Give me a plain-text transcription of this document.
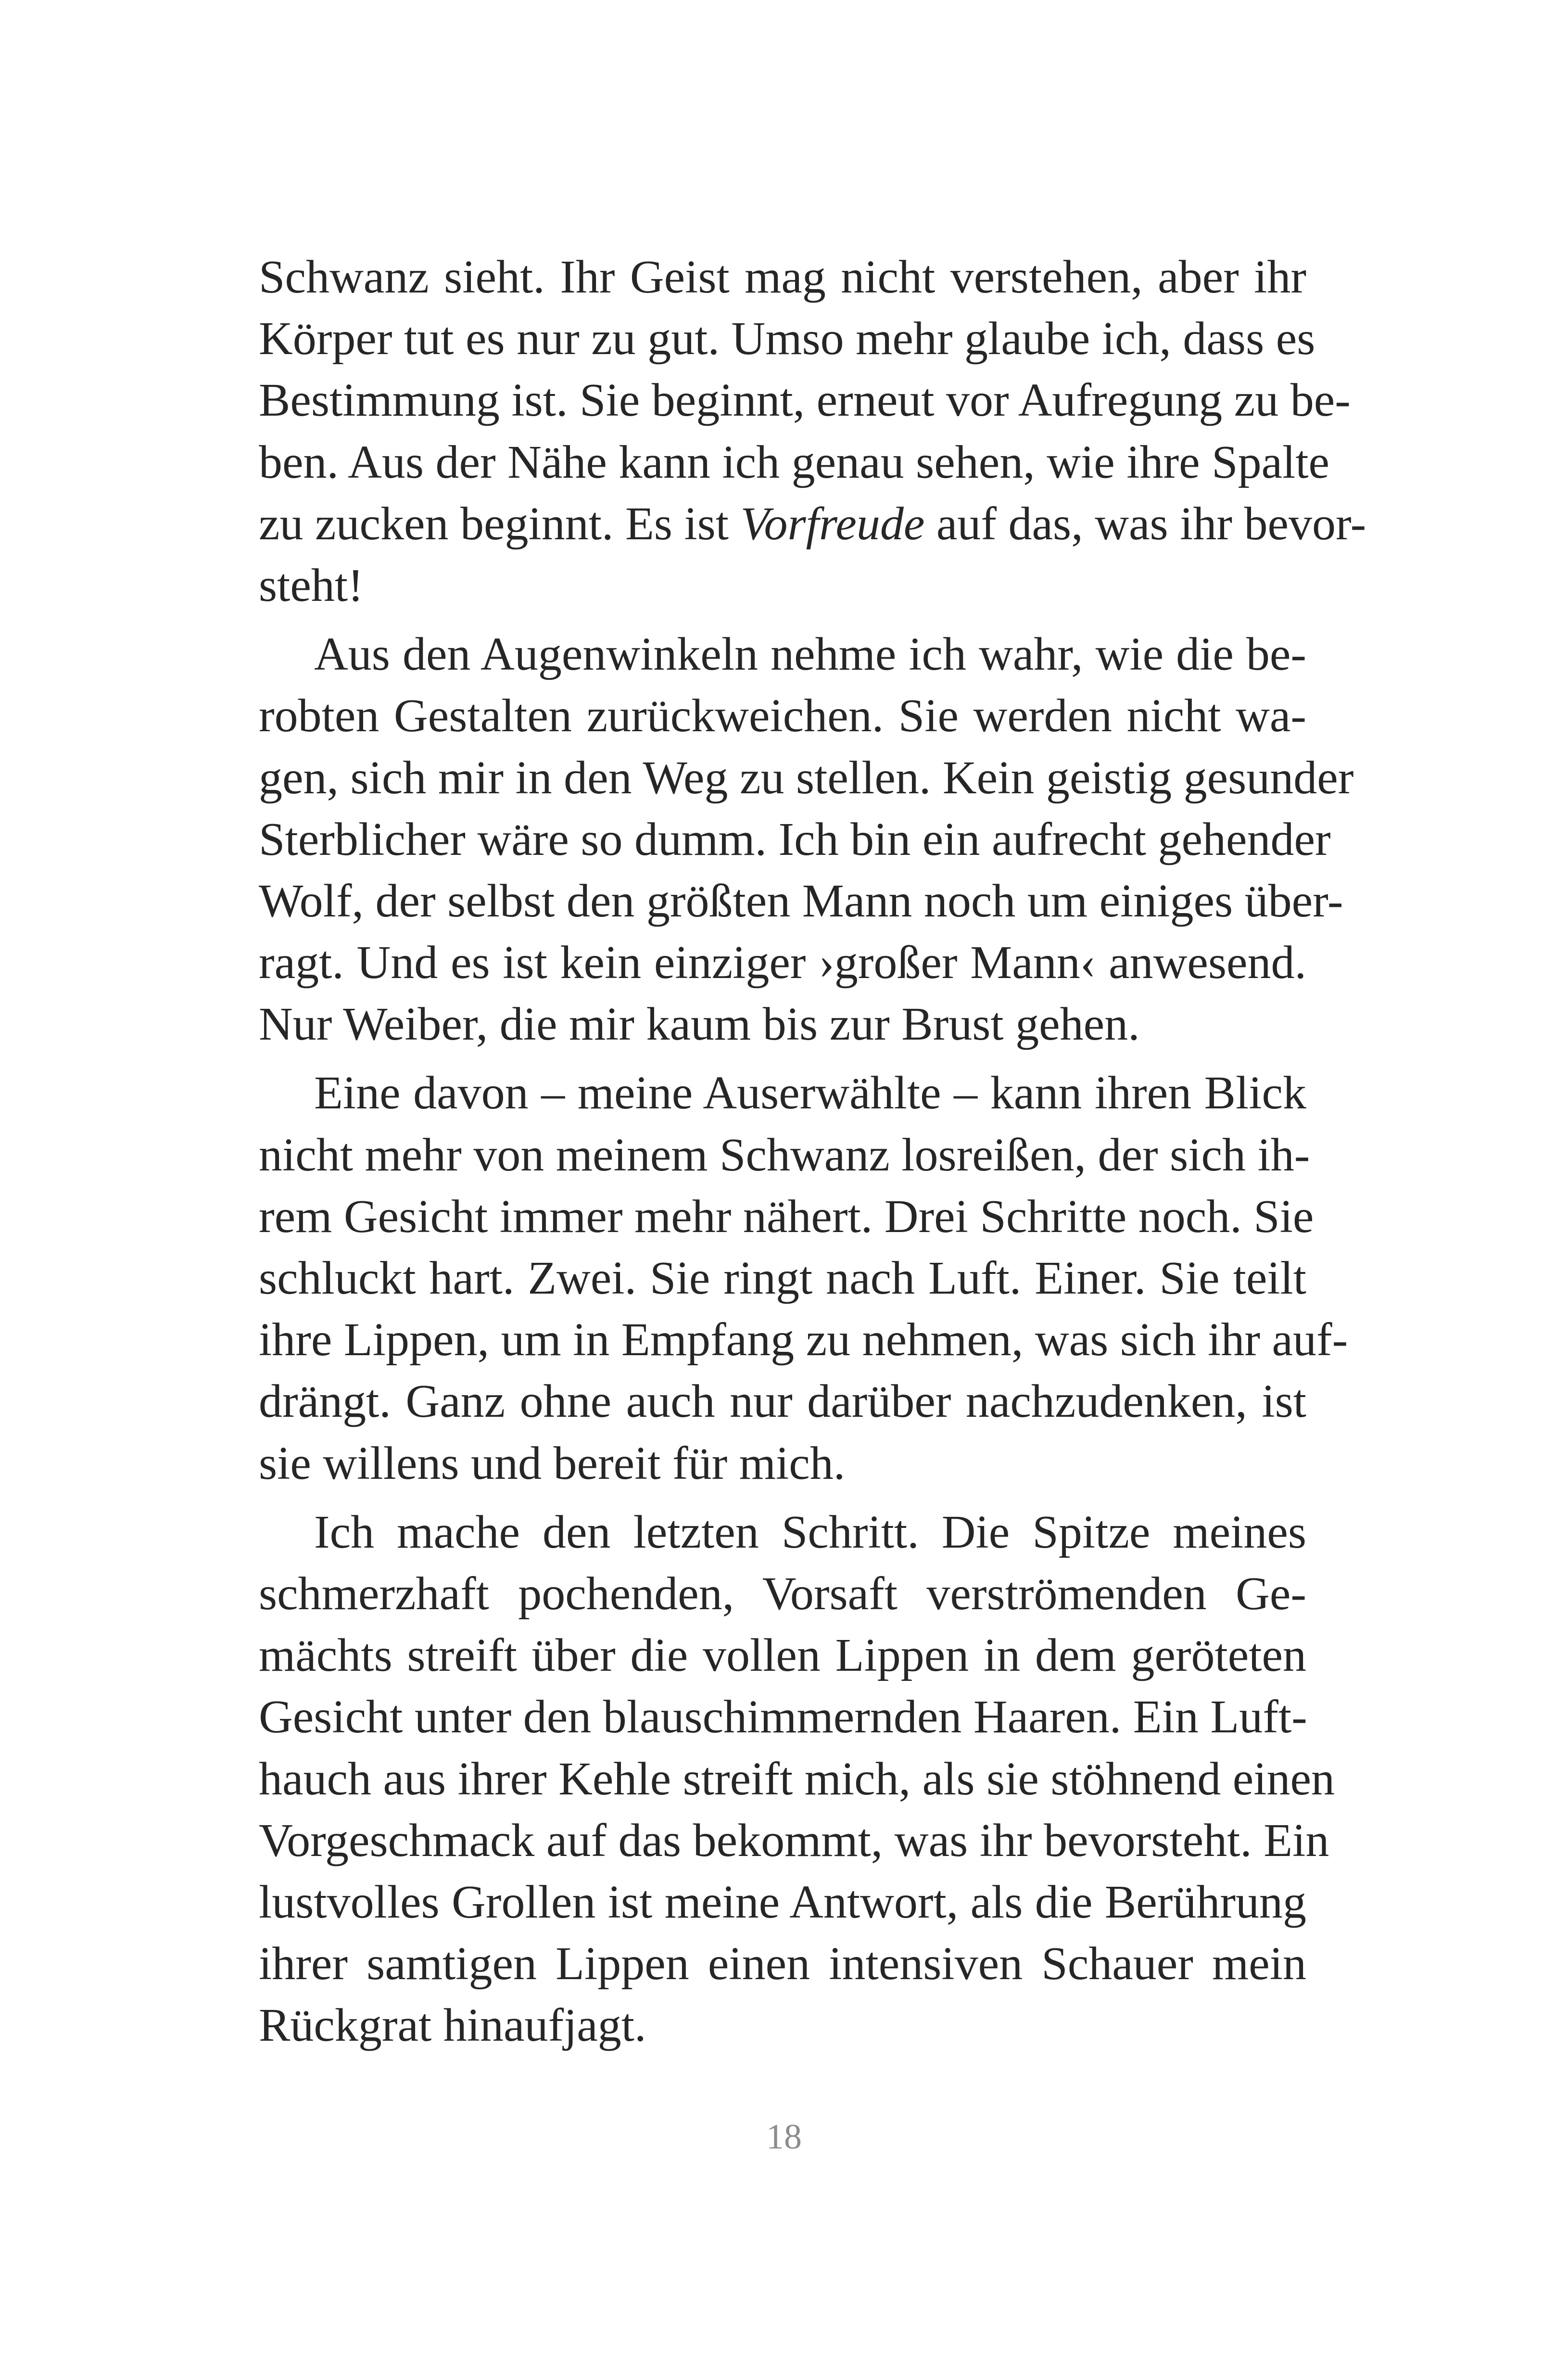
Schwanz sieht. Ihr Geist mag nicht verstehen, aber ihr
Körper tut es nur zu gut. Umso mehr glaube ich, dass es
Bestimmung ist. Sie beginnt, erneut vor Aufregung zu be-
ben. Aus der Nähe kann ich genau sehen, wie ihre Spalte
zu zucken beginnt. Es ist Vorfreude auf das, was ihr bevor-
steht!
Aus den Augenwinkeln nehme ich wahr, wie die be-
robten Gestalten zurückweichen. Sie werden nicht wa-
gen, sich mir in den Weg zu stellen. Kein geistig gesunder
Sterblicher wäre so dumm. Ich bin ein aufrecht gehender
Wolf, der selbst den größten Mann noch um einiges über-
ragt. Und es ist kein einziger ›großer Mann‹ anwesend.
Nur Weiber, die mir kaum bis zur Brust gehen.
Eine davon – meine Auserwählte – kann ihren Blick
nicht mehr von meinem Schwanz losreißen, der sich ih-
rem Gesicht immer mehr nähert. Drei Schritte noch. Sie
schluckt hart. Zwei. Sie ringt nach Luft. Einer. Sie teilt
ihre Lippen, um in Empfang zu nehmen, was sich ihr auf-
drängt. Ganz ohne auch nur darüber nachzudenken, ist
sie willens und bereit für mich.
Ich mache den letzten Schritt. Die Spitze meines
schmerzhaft pochenden, Vorsaft verströmenden Ge-
mächts streift über die vollen Lippen in dem geröteten
Gesicht unter den blauschimmernden Haaren. Ein Luft-
hauch aus ihrer Kehle streift mich, als sie stöhnend einen
Vorgeschmack auf das bekommt, was ihr bevorsteht. Ein
lustvolles Grollen ist meine Antwort, als die Berührung
ihrer samtigen Lippen einen intensiven Schauer mein
Rückgrat hinaufjagt.
18
